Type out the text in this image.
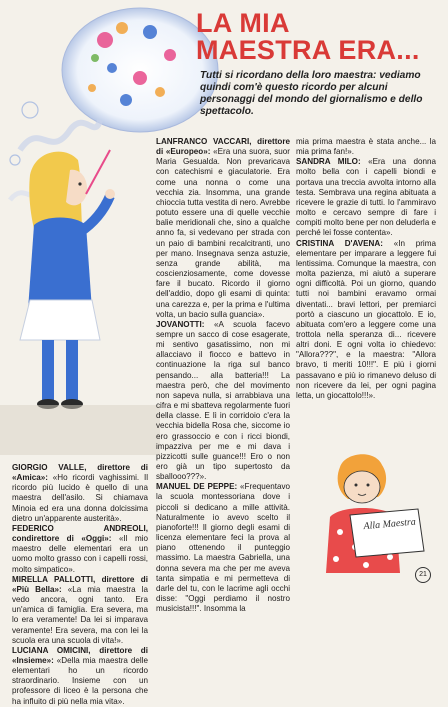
LA MIA
MAESTRA ERA...

Tutti si ricordano della loro maestra: vediamo quindi com'è questo ricordo per alcuni personaggi del mondo del giornalismo e dello spettacolo.

GIORGIO VALLE, direttore di «Amica»: «Ho ricordi vaghissimi. Il ricordo più lucido è quello di una maestra dell'asilo. Si chiamava Minoia ed era una donna dolcissima dietro un'apparente austerità».

FEDERICO ANDREOLI, condirettore di «Oggi»: «Il mio maestro delle elementari era un uomo molto grasso con i capelli rossi, molto simpatico».

MIRELLA PALLOTTI, direttore di «Più Bella»: «La mia maestra la vedo ancora, ogni tanto. Era un'amica di famiglia. Era severa, ma lo era veramente! Da lei si imparava veramente! Era severa, ma con lei la scuola era una scuola di vita!».

LUCIANA OMICINI, direttore di «Insieme»: «Della mia maestra delle elementari ho un ricordo straordinario. Insieme con un professore di liceo è la persona che ha influito di più nella mia vita».

LANFRANCO VACCARI, direttore di «Europeo»: «Era una suora, suor Maria Gesualda. Non prevaricava con catechismi e giaculatorie. Era come una nonna o come una vecchia zia. Insomma, una grande chioccia tutta vestita di nero. Avrebbe potuto essere una di quelle vecchie balie meridionali che, sino a qualche anno fa, si vedevano per strada con un paio di bambini recalcitranti, uno per mano. Insegnava senza astuzie, senza grande abilità, ma coscienziosamente, come dovesse fare il bucato. Ricordo il giorno dell'addio, dopo gli esami di quinta: una carezza e, per la prima e l'ultima volta, un bacio sulla guancia».

JOVANOTTI: «A scuola facevo sempre un sacco di cose esagerate, mi sentivo gasatissimo, non mi allacciavo il fiocco e battevo in continuazione la riga sul banco pensando... alla batteria!!! La maestra però, che del movimento non sapeva nulla, si arrabbiava una cifra e mi sbatteva regolarmente fuori della classe. E lì in corridoio c'era la vecchia bidella Rosa che, siccome io ero grassoccio e con i ricci biondi, impazziva per me e mi dava i pizzicotti sulle guance!!! Ero o non ero già un tipo supertosto da sballooo???».

MANUEL DE PEPPE: «Frequentavo la scuola montessoriana dove i piccoli si dedicano a mille attività. Naturalmente io avevo scelto il pianoforte!!! Il giorno degli esami di licenza elementare feci la prova al piano ottenendo il punteggio massimo. La maestra Gabriella, una donna severa ma che per me aveva tanta simpatia e mi permetteva di darle del tu, con le lacrime agli occhi disse: "Oggi perdiamo il nostro musicista!!!". Insomma la

mia prima maestra è stata anche... la mia prima fan!».

SANDRA MILO: «Era una donna molto bella con i capelli biondi e portava una treccia avvolta intorno alla testa. Sembrava una regina abituata a ricevere le grazie di tutti. Io l'ammiravo molto e cercavo sempre di fare i compiti molto bene per non deluderla e perché lei fosse contenta».

CRISTINA D'AVENA: «In prima elementare per imparare a leggere fui lentissima. Comunque la maestra, con molta pazienza, mi aiutò a superare ogni difficoltà. Poi un giorno, quando tutti noi bambini eravamo ormai diventati... bravi lettori, per premiarci portò a ciascuno un giocattolo. E io, abituata com'ero a leggere come una trottola nella speranza di... ricevere altri doni. E ogni volta io chiedevo: "Allora???", e la maestra: "Allora bravo, ti meriti 10!!!". E più i giorni passavano e più io rimanevo deluso di non ricevere da lei, per ogni pagina letta, un giocattolo!!!».

Alla Maestra
21
